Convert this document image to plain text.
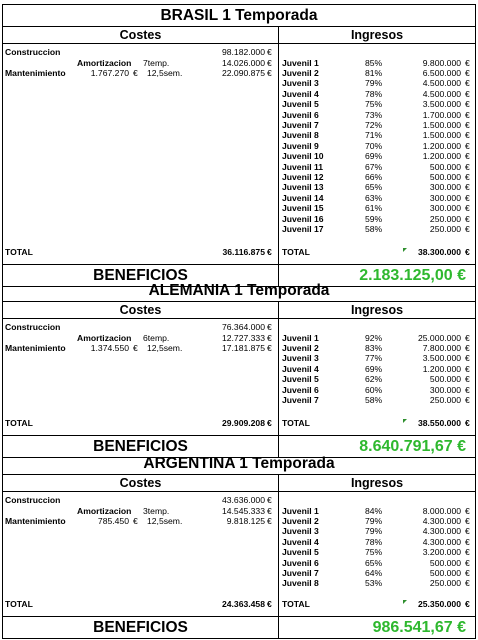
BRASIL 1 Temporada
Costes	Ingresos
Construccion	98.182.000 €
Amortizacion 7temp.	14.026.000 €
Mantenimiento	1.767.270 € 12,5sem.	22.090.875 €
TOTAL	36.116.875 €
Juvenil 1	85%	9.800.000 €
Juvenil 2	81%	6.500.000 €
Juvenil 3	79%	4.500.000 €
Juvenil 4	78%	4.500.000 €
Juvenil 5	75%	3.500.000 €
Juvenil 6	73%	1.700.000 €
Juvenil 7	72%	1.500.000 €
Juvenil 8	71%	1.500.000 €
Juvenil 9	70%	1.200.000 €
Juvenil 10	69%	1.200.000 €
Juvenil 11	67%	500.000 €
Juvenil 12	66%	500.000 €
Juvenil 13	65%	300.000 €
Juvenil 14	63%	300.000 €
Juvenil 15	61%	300.000 €
Juvenil 16	59%	250.000 €
Juvenil 17	58%	250.000 €
TOTAL	38.300.000 €
BENEFICIOS	2.183.125,00 €
ALEMANIA 1 Temporada
Costes	Ingresos
Construccion	76.364.000 €
Amortizacion 6temp.	12.727.333 €
Mantenimiento	1.374.550 € 12,5sem.	17.181.875 €
TOTAL	29.909.208 €
Juvenil 1	92%	25.000.000 €
Juvenil 2	83%	7.800.000 €
Juvenil 3	77%	3.500.000 €
Juvenil 4	69%	1.200.000 €
Juvenil 5	62%	500.000 €
Juvenil 6	60%	300.000 €
Juvenil 7	58%	250.000 €
TOTAL	38.550.000 €
BENEFICIOS	8.640.791,67 €
ARGENTINA 1 Temporada
Costes	Ingresos
Construccion	43.636.000 €
Amortizacion 3temp.	14.545.333 €
Mantenimiento	785.450 € 12,5sem.	9.818.125 €
TOTAL	24.363.458 €
Juvenil 1	84%	8.000.000 €
Juvenil 2	79%	4.300.000 €
Juvenil 3	79%	4.300.000 €
Juvenil 4	78%	4.300.000 €
Juvenil 5	75%	3.200.000 €
Juvenil 6	65%	500.000 €
Juvenil 7	64%	500.000 €
Juvenil 8	53%	250.000 €
TOTAL	25.350.000 €
BENEFICIOS	986.541,67 €
